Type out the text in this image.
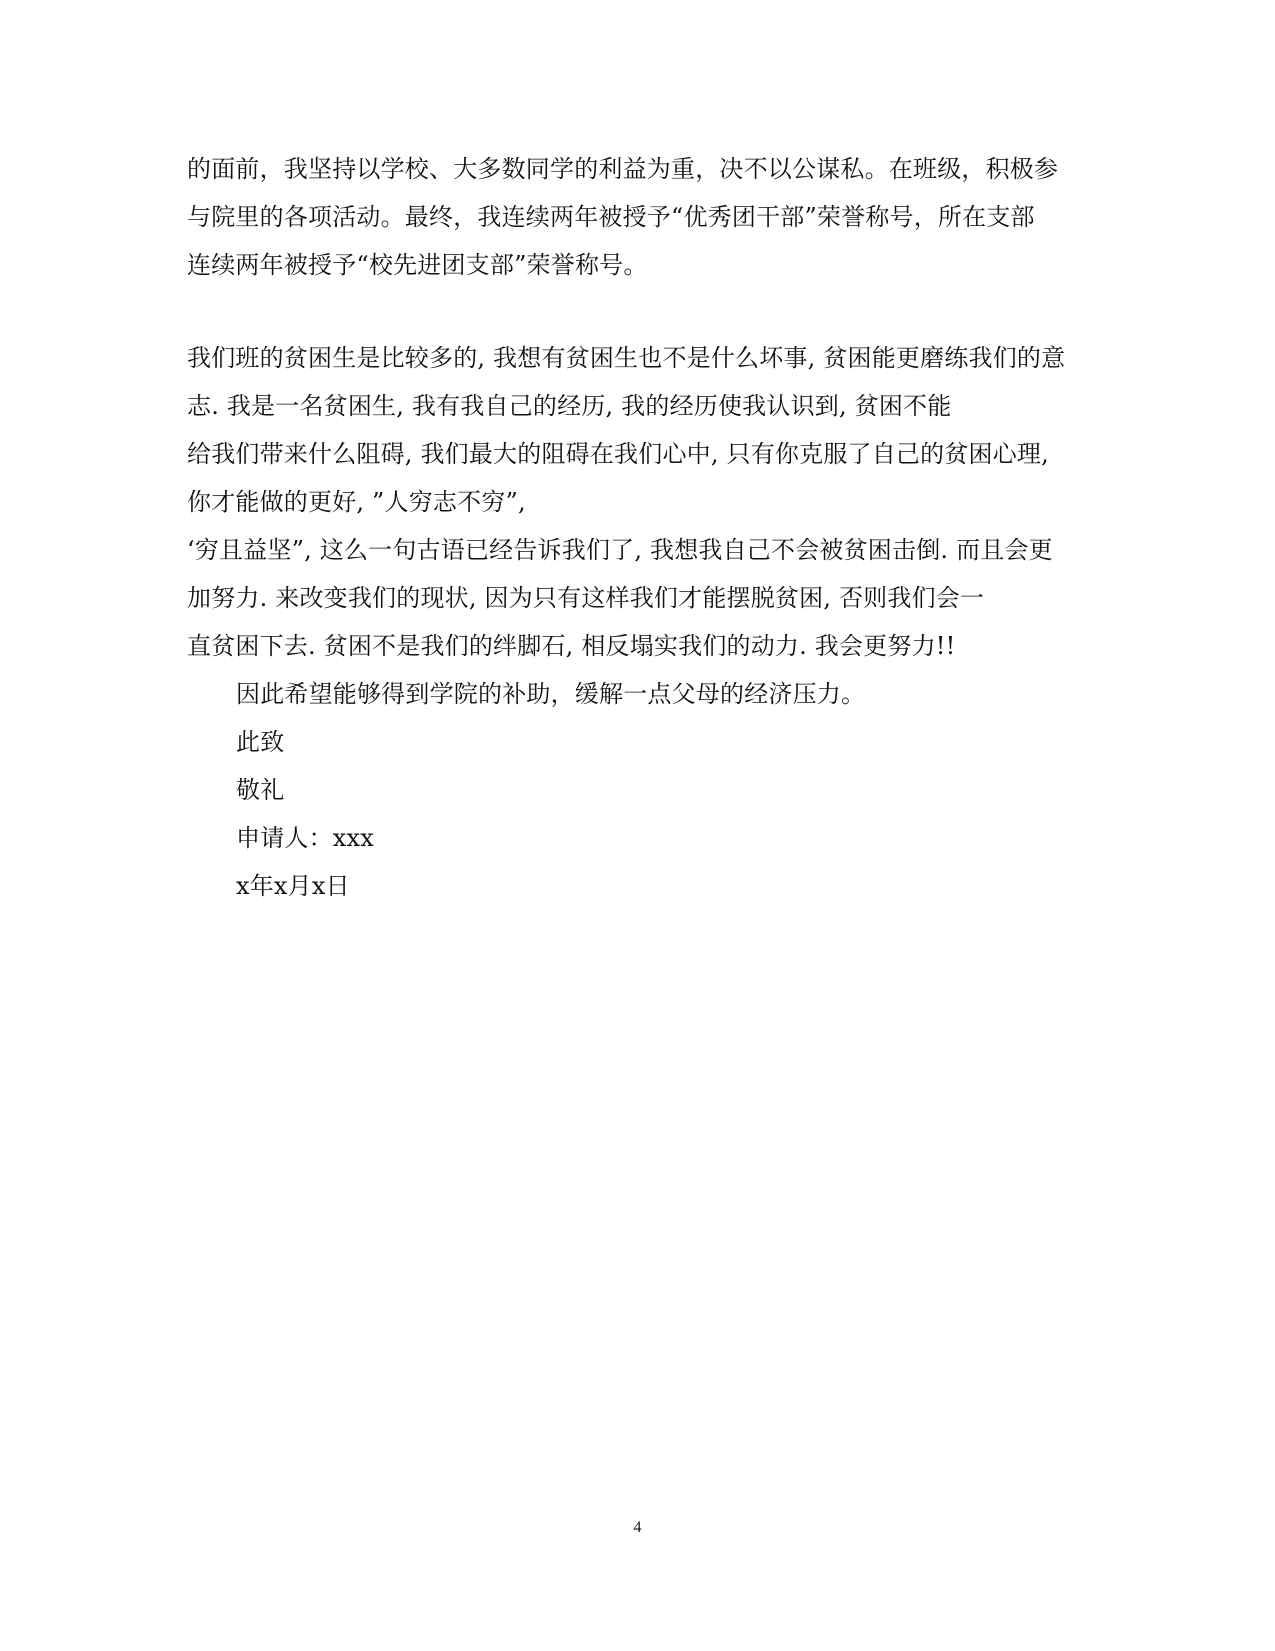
的面前，我坚持以学校、大多数同学的利益为重，决不以公谋私。在班级，积极参
与院里的各项活动。最终，我连续两年被授予“优秀团干部”荣誉称号，所在支部
连续两年被授予“校先进团支部”荣誉称号。
我们班的贫困生是比较多的, 我想有贫困生也不是什么坏事, 贫困能更磨练我们的意
志. 我是一名贫困生, 我有我自己的经历, 我的经历使我认识到, 贫困不能
给我们带来什么阻碍, 我们最大的阻碍在我们心中, 只有你克服了自己的贫困心理,
你才能做的更好, ”人穷志不穷”,
‘穷且益坚”, 这么一句古语已经告诉我们了, 我想我自己不会被贫困击倒. 而且会更
加努力. 来改变我们的现状, 因为只有这样我们才能摆脱贫困, 否则我们会一
直贫困下去. 贫困不是我们的绊脚石, 相反塌实我们的动力. 我会更努力!!
因此希望能够得到学院的补助，缓解一点父母的经济压力。
此致
敬礼
申请人：xxx
x年x月x日
4
